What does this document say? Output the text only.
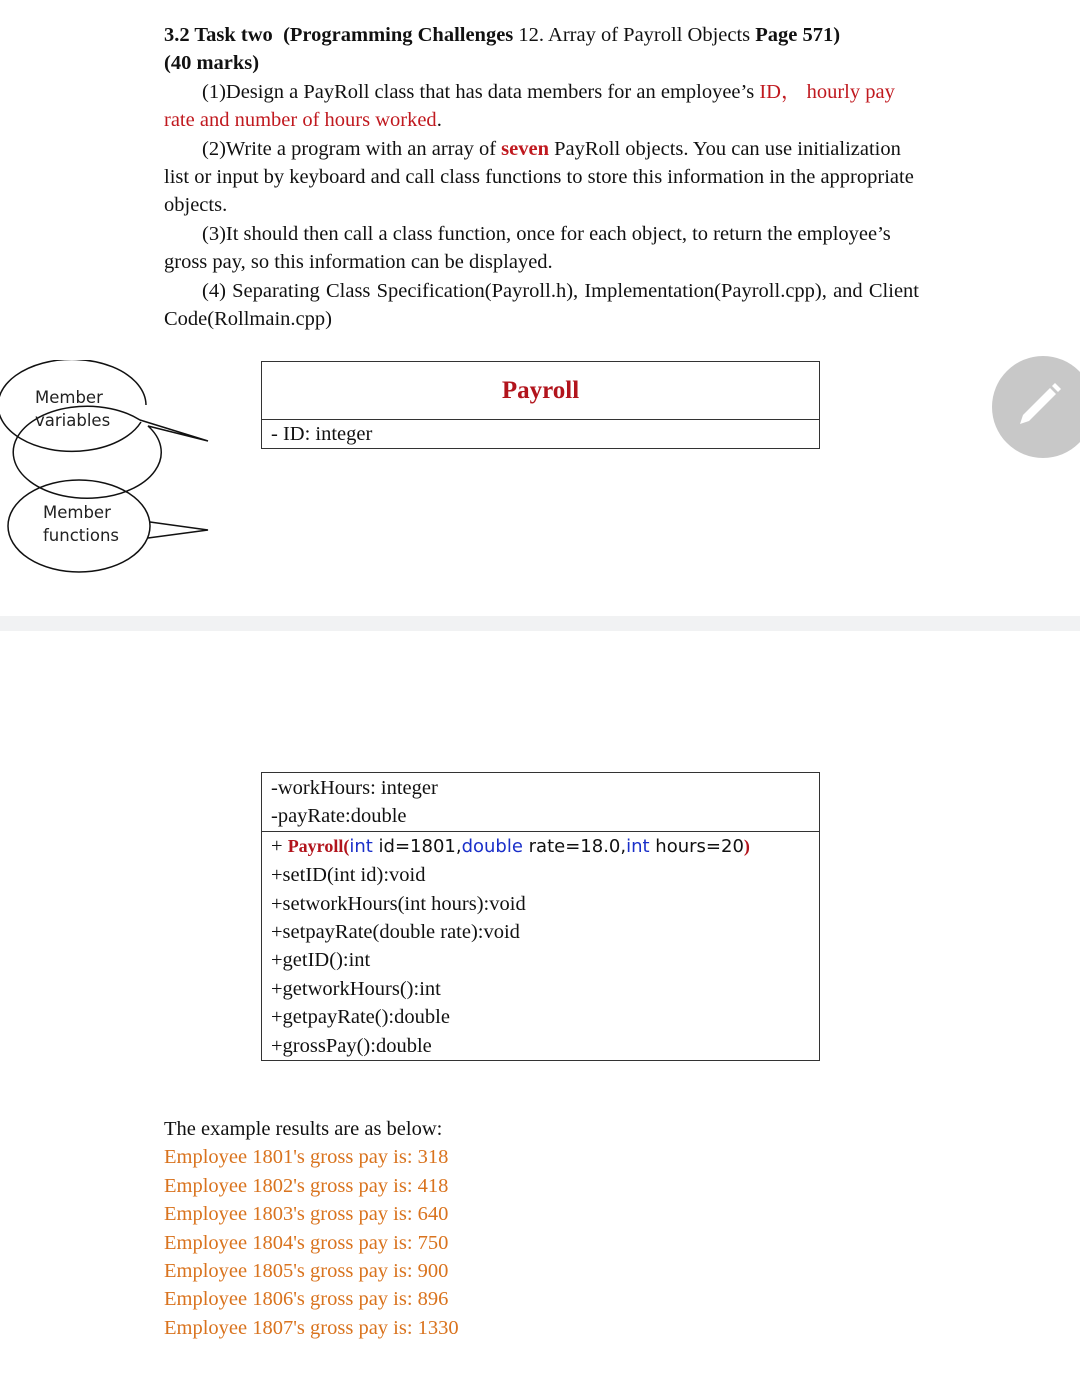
3.2 Task two (Programming Challenges 12. Array of Payroll Objects Page 571)

(40 marks)

(1)Design a PayRoll class that has data members for an employee’s ID， hourly pay rate and number of hours worked.

(2)Write a program with an array of seven PayRoll objects. You can use initialization list or input by keyboard and call class functions to store this information in the appropriate objects.

(3)It should then call a class function, once for each object, to return the employee’s gross pay, so this information can be displayed.

(4) Separating Class Specification(Payroll.h), Implementation(Payroll.cpp), and Client Code(Rollmain.cpp)

Member
variables
Member
functions
Payroll
- ID: integer
-workHours: integer
-payRate:double
+ Payroll(int id=1801,double rate=18.0,int hours=20)
+setID(int id):void
+setworkHours(int hours):void
+setpayRate(double rate):void
+getID():int
+getworkHours():int
+getpayRate():double
+grossPay():double
The example results are as below:
Employee 1801's gross pay is: 318
Employee 1802's gross pay is: 418
Employee 1803's gross pay is: 640
Employee 1804's gross pay is: 750
Employee 1805's gross pay is: 900
Employee 1806's gross pay is: 896
Employee 1807's gross pay is: 1330
